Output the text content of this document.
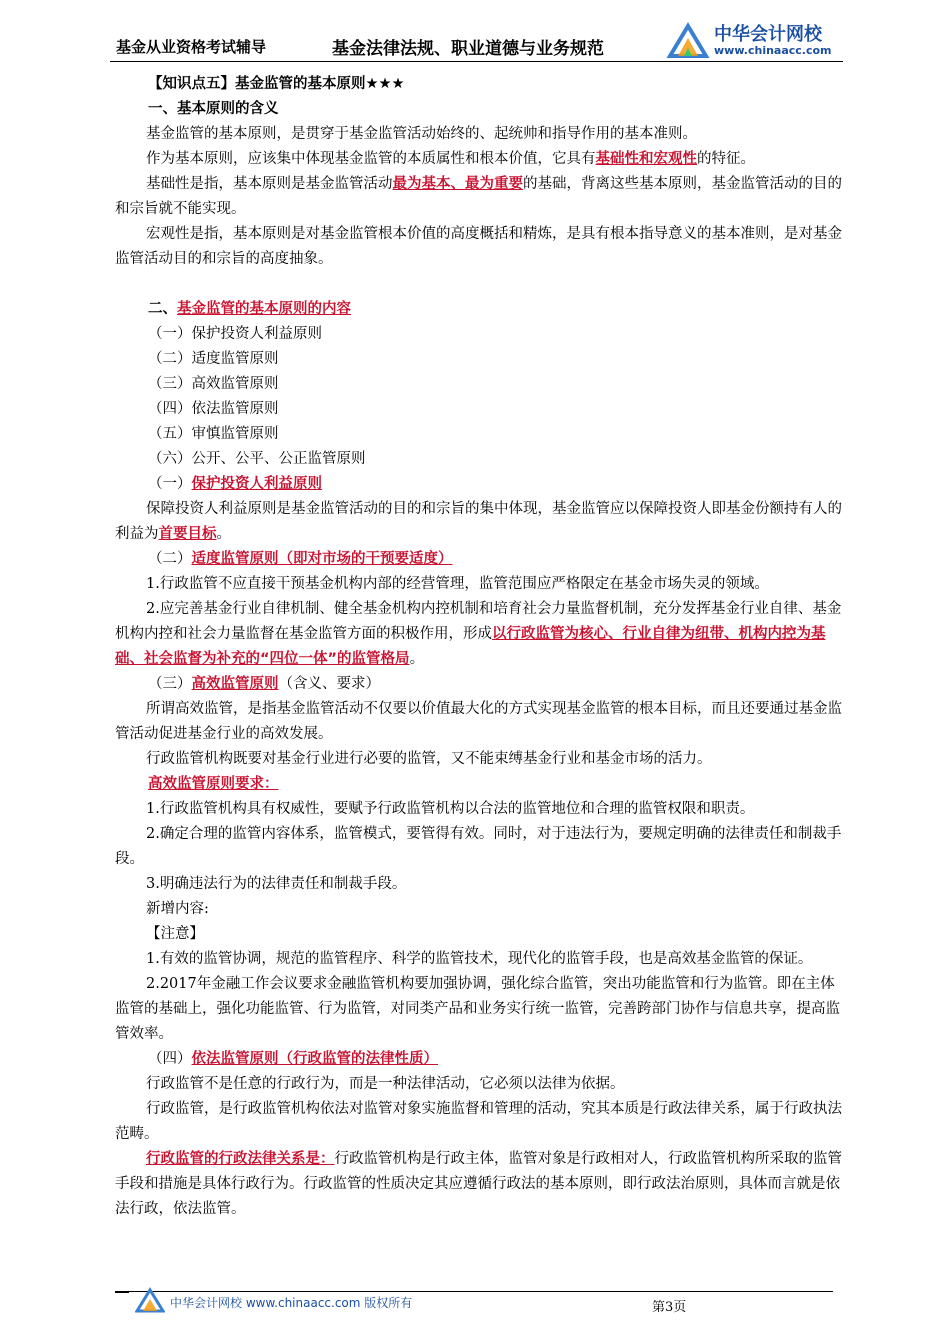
基金从业资格考试辅导	基金法律法规、职业道德与业务规范
中华会计网校
www.chinaacc.com

【知识点五】基金监管的基本原则★★★

一、基本原则的含义

基金监管的基本原则，是贯穿于基金监管活动始终的、起统帅和指导作用的基本准则。

作为基本原则，应该集中体现基金监管的本质属性和根本价值，它具有基础性和宏观性的特征。

基础性是指，基本原则是基金监管活动最为基本、最为重要的基础，背离这些基本原则，基金监管活动的目的和宗旨就不能实现。

宏观性是指，基本原则是对基金监管根本价值的高度概括和精炼，是具有根本指导意义的基本准则，是对基金监管活动目的和宗旨的高度抽象。

二、基金监管的基本原则的内容

（一）保护投资人利益原则

（二）适度监管原则

（三）高效监管原则

（四）依法监管原则

（五）审慎监管原则

（六）公开、公平、公正监管原则

（一）保护投资人利益原则

保障投资人利益原则是基金监管活动的目的和宗旨的集中体现，基金监管应以保障投资人即基金份额持有人的利益为首要目标。

（二）适度监管原则（即对市场的干预要适度）

1.行政监管不应直接干预基金机构内部的经营管理，监管范围应严格限定在基金市场失灵的领域。

2.应完善基金行业自律机制、健全基金机构内控机制和培育社会力量监督机制，充分发挥基金行业自律、基金机构内控和社会力量监督在基金监管方面的积极作用，形成以行政监管为核心、行业自律为纽带、机构内控为基础、社会监督为补充的“四位一体”的监管格局。

（三）高效监管原则（含义、要求）

所谓高效监管，是指基金监管活动不仅要以价值最大化的方式实现基金监管的根本目标，而且还要通过基金监管活动促进基金行业的高效发展。

行政监管机构既要对基金行业进行必要的监管，又不能束缚基金行业和基金市场的活力。

高效监管原则要求：

1.行政监管机构具有权威性，要赋予行政监管机构以合法的监管地位和合理的监管权限和职责。

2.确定合理的监管内容体系，监管模式，要管得有效。同时，对于违法行为，要规定明确的法律责任和制裁手段。

3.明确违法行为的法律责任和制裁手段。

新增内容:

【注意】

1.有效的监管协调，规范的监管程序、科学的监管技术，现代化的监管手段，也是高效基金监管的保证。

2.2017年金融工作会议要求金融监管机构要加强协调，强化综合监管，突出功能监管和行为监管。即在主体监管的基础上，强化功能监管、行为监管，对同类产品和业务实行统一监管，完善跨部门协作与信息共享，提高监管效率。

（四）依法监管原则（行政监管的法律性质）

行政监管不是任意的行政行为，而是一种法律活动，它必须以法律为依据。

行政监管，是行政监管机构依法对监管对象实施监督和管理的活动，究其本质是行政法律关系，属于行政执法范畴。

行政监管的行政法律关系是：行政监管机构是行政主体，监管对象是行政相对人，行政监管机构所采取的监管手段和措施是具体行政行为。行政监管的性质决定其应遵循行政法的基本原则，即行政法治原则，具体而言就是依法行政，依法监管。

中华会计网校 www.chinaacc.com 版权所有	第3页
